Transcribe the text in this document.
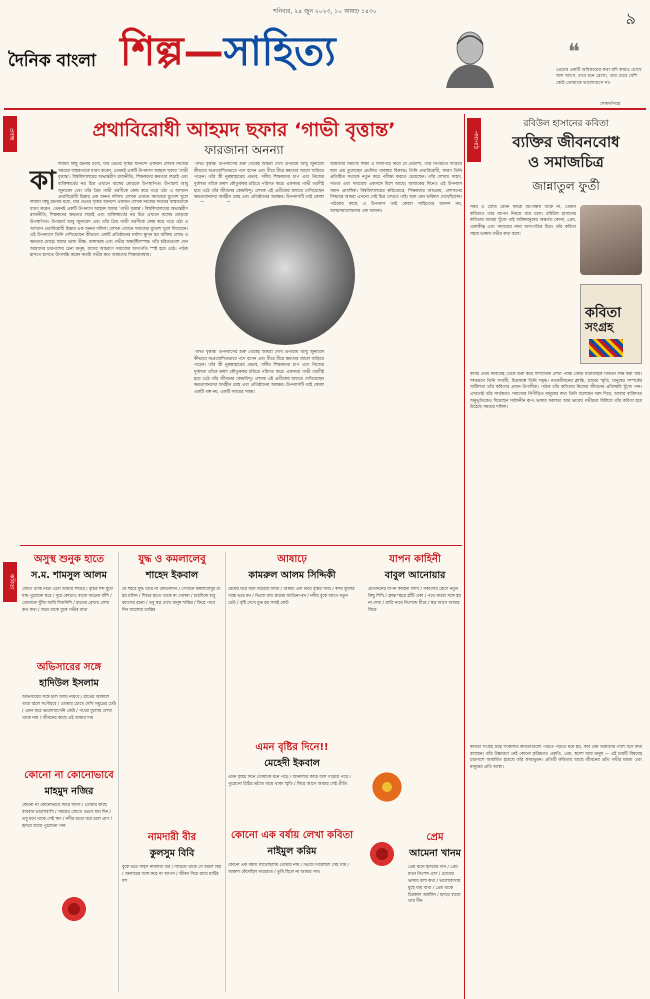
শনিবার, ২৪ জুন ২০২৩, ১০ আষাঢ় ১৪৩০	৯
দৈনিক বাংলা শিল্প—সাহিত্য	❝
প্রেমের একটি অধিকারের কথা যদি কারও চোখে জল আসে, তবে মনে রেখো, তার চেয়ে বেশি কেউ তোমাকে ভালোবাসে না।
শেকসপিয়র
প্রবন্ধ	প্রথাবিরোধী আহমদ ছফার ‘গাভী বৃত্তান্ত’
ফারজানা অনন্যা
কা
লজয়ী কিছু রচনার মধ্যে, যার ভেতর সৃষ্টির আনন্দে একজন লেখক নিজের সময়ের বাস্তবতাকে ধারণ করেন, তেমনই একটি উপন্যাস আহমদ ছফার ‘গাভী বৃত্তান্ত’। বিশ্ববিদ্যালয়ের অভ্যন্তরীণ রাজনীতি, শিক্ষকদের ক্ষমতার লড়াই এবং ব্যক্তিস্বার্থের নগ্ন চিত্র এখানে ব্যঙ্গের মোড়কে উপস্থাপিত। উপাচার্য আবু জুনায়েদ এবং তাঁর প্রিয় গাভী তরণীকে কেন্দ্র করে গড়ে ওঠা এ আখ্যান প্রথাবিরোধী চিন্তার এক অনন্য দলিল। লেখক এখানে সমাজের মুখোশ খুলে
লজয়ী কিছু রচনার মধ্যে, যার ভেতর সৃষ্টির আনন্দে একজন লেখক নিজের সময়ের বাস্তবতাকে ধারণ করেন, তেমনই একটি উপন্যাস আহমদ ছফার ‘গাভী বৃত্তান্ত’। বিশ্ববিদ্যালয়ের অভ্যন্তরীণ রাজনীতি, শিক্ষকদের ক্ষমতার লড়াই এবং ব্যক্তিস্বার্থের নগ্ন চিত্র এখানে ব্যঙ্গের মোড়কে উপস্থাপিত। উপাচার্য আবু জুনায়েদ এবং তাঁর প্রিয় গাভী তরণীকে কেন্দ্র করে গড়ে ওঠা এ আখ্যান প্রথাবিরোধী চিন্তার এক অনন্য দলিল। লেখক এখানে সমাজের মুখোশ খুলে দিয়েছেন। এই উপন্যাসে তিনি দেখিয়েছেন কীভাবে একটি প্রতিষ্ঠানের মর্যাদা ক্ষুণ্ন হয় ব্যক্তির লোভ ও ক্ষমতার মোহে। ছফার ভাষা তীক্ষ্ণ, ব্যঙ্গাত্মক এবং গভীর অন্তর্দৃষ্টিসম্পন্ন। তাঁর চরিত্রগুলো যেন আমাদের চারপাশের চেনা মানুষ, যাদের আচরণে সমাজের অসংগতি স্পষ্ট হয়ে ওঠে। পাঠক হাসতে হাসতে উপলব্ধি করেন কতটা গভীর ক্ষত আমাদের শিক্ষাব্যবস্থায়।
‘গাভী বৃত্তান্ত’ উপন্যাসের শুরু থেকেই আমরা দেখি উপাচার্য আবু জুনায়েদ কীভাবে অপ্রত্যাশিতভাবে পদে বসেন এবং ধীরে ধীরে ক্ষমতার জালে জড়িয়ে পড়েন। তাঁর স্ত্রী নুরুন্নাহারের প্রভাব, দলীয় শিক্ষকদের চাপ এবং নিজের দুর্বলতা তাঁকে ক্রমশ কৌতুককর চরিত্রে পরিণত করে। একসময় গাভী তরণীই হয়ে ওঠে তাঁর জীবনের কেন্দ্রবিন্দু। লেখক এই প্রতীকের মাধ্যমে দেখিয়েছেন ক্ষমতাবানদের অর্থহীন মোহ এবং প্রতিষ্ঠানের অবক্ষয়। উপন্যাসটি তাই কেবল
‘গাভী বৃত্তান্ত’ উপন্যাসের শুরু থেকেই আমরা দেখি উপাচার্য আবু জুনায়েদ কীভাবে অপ্রত্যাশিতভাবে পদে বসেন এবং ধীরে ধীরে ক্ষমতার জালে জড়িয়ে পড়েন। তাঁর স্ত্রী নুরুন্নাহারের প্রভাব, দলীয় শিক্ষকদের চাপ এবং নিজের দুর্বলতা তাঁকে ক্রমশ কৌতুককর চরিত্রে পরিণত করে। একসময় গাভী তরণীই হয়ে ওঠে তাঁর জীবনের কেন্দ্রবিন্দু। লেখক এই প্রতীকের মাধ্যমে দেখিয়েছেন ক্ষমতাবানদের অর্থহীন মোহ এবং প্রতিষ্ঠানের অবক্ষয়। উপন্যাসটি তাই কেবল একটি গল্প নয়, একটি সময়ের সাক্ষ্য।
আমাদের সমাজে শিক্ষা ও বিদ্যাপীঠ নিয়ে যে প্রত্যাশা, তার বিপরীতে দাঁড়িয়ে ছফা প্রশ্ন তুলেছেন প্রচলিত ব্যবস্থার বিরুদ্ধে। তিনি প্রথাবিরোধী, কারণ তিনি প্রতিষ্ঠিত সত্যকে নতুন করে পরীক্ষা করতে চেয়েছেন। তাঁর লেখায় সাহস, সততা এবং দায়বোধ একসঙ্গে মিশে আছে। আজকের দিনেও এই উপন্যাস সমান প্রাসঙ্গিক। বিশ্ববিদ্যালয়ের করিডোরে, শিক্ষকদের আড্ডায়, প্রশাসনের সিদ্ধান্তে আমরা এখনো সেই চিত্র দেখতে পাই। ছফা যেন ভবিষ্যৎ দেখেছিলেন। পাঠকের কাছে এ উপন্যাস তাই কেবল সাহিত্যের আনন্দ নয়, আত্মসমালোচনার এক আয়না।
পদ্যপাঠ
রবিউল হাসানের কবিতা
ব্যক্তির জীবনবোধ
ও সমাজচিত্র
জান্নাতুল ফুর্তী
সময় ও স্রোত যেমন কারো অপেক্ষায় থাকে না, তেমনি কবিতাও তার আপন নিয়মে বয়ে চলে। রবিউল হাসানের কবিতায় আমরা খুঁজে পাই ব্যক্তিমানুষের অন্তর্গত বেদনা, প্রেম, একাকীত্ব এবং সমাজের নানা অসংগতির চিত্র। তাঁর কবিতা সহজ ভাষায় গভীর কথা বলে।
কবিতা
সংগ্রহ
কবির প্রথম কাব্যগ্রন্থ থেকে শুরু করে সাম্প্রতিক লেখা পর্যন্ত একটি ধারাবাহিক বিবর্তন লক্ষ করা যায়। শব্দচয়নে তিনি সংযমী, চিত্রকল্পে তিনি সমৃদ্ধ। নগরজীবনের ক্লান্তি, গ্রামের স্মৃতি, মানুষের সম্পর্কের জটিলতা তাঁর কবিতার প্রধান উপজীব্য। পাঠক তাঁর কবিতায় নিজের জীবনের প্রতিচ্ছবি খুঁজে পান। এখানেই তাঁর সার্থকতা। সমাজের নিপীড়িত মানুষের কথা তিনি বলেছেন দরদ দিয়ে, আবার ব্যক্তিগত অনুভূতিকেও দিয়েছেন সর্বজনীন রূপ। ভাষার সরলতা আর ভাবের গভীরতা মিলিয়ে তাঁর কবিতা হয়ে উঠেছে সময়ের দলিল।
কবিতা সংগ্রহ গ্রন্থে সংকলিত কবিতাগুলো পড়তে পড়তে মনে হয়, কবি যেন আমাদের পাশে বসে কথা বলছেন। তাঁর উচ্চারণে নেই কোনো কৃত্রিমতা। প্রকৃতি, প্রেম, স্বদেশ আর মানুষ — এই চারটি বিষয়ের চারপাশে আবর্তিত হয়েছে তাঁর কাব্যভুবন। প্রতিটি কবিতায় আছে জীবনের প্রতি গভীর মমতা এবং মানুষের প্রতি আস্থা।
কবিতা
অসুস্থ শুনুক হাতে
স.ম. শামসুল আলম
জেগে থাকি নিদ্রা এলে আমার শিয়রে / বৃষ্টির শব্দ ছুঁয়ে যায় পুরোনো ঘরে / দূরে কোথাও বাজে অচেনা বাঁশি / তোমাকে খুঁজি আমি দিবানিশি / হাতের রেখায় লেখা কত কথা / জমে থাকে বুকে গভীর ব্যথা
অভিসারের সঙ্গে
হাদিউল ইসলাম
অভিসারের সঙ্গে চলি আমি নীরবে / রাতের আকাশে তারা জ্বলে সগৌরবে / তোমার চোখে দেখি সমুদ্রের ঢেউ / এমন করে ভালোবাসেনি কেউ / পথের ধুলোয় লেখা থাকে নাম / জীবনের কাছে এই আমার দাম
কোনো না কোনোভাবে
মাহমুদ নজির
কোনো না কোনোভাবে ফিরে আসি / তোমার কাছে বারবার ভালোবাসি / সময়ের স্রোতে ভেসে যায় দিন / তবু মনে থাকে সেই ঋণ / নদীর মতো বয়ে চলে প্রাণ / হৃদয়ে বাজে পুরোনো গান
যুদ্ধ ও কমলালেবু
শাহেদ ইকবাল
যে শহরে যুদ্ধ থামে না কোনোদিন / সেখানে কমলালেবুর রং হয় মলিন / শিশুর হাতে থাকে না খেলনা / চারদিকে শুধু ধ্বংসের রচনা / তবু স্বপ্ন দেখে মানুষ শান্তির / ফিরে পাবে দিন আলোর ভ্রান্তির
নামদারী বীর
কুলসুম বিবি
বুকে ভরে সাহস নামদারী বীর / দাঁড়িয়ে থাকে সে অটল স্থির / অন্যায়ের সঙ্গে করে না আপস / জীবন দিয়ে রাখে মাটির যশ
আষাঢ়ে
কামরুল আলম সিদ্দিকী
মেঘের ঘরে জল জমেছে আজ / আষাঢ় এল নিয়ে বৃষ্টির সাজ / কদম ফুলের গন্ধে ভরে মন / ভিজে যায় গ্রামের আঙিনা-বন / নদীর বুকে জাগে নতুন ঢেউ / বৃষ্টি দেখে মুগ্ধ হয় সবাই কেউ
এমন বৃষ্টির দিনে!!
মেহেদী ইকবাল
এমন বৃষ্টির দিনে তোমাকে মনে পড়ে / জানালার কাচে জল গড়িয়ে পড়ে / পুরোনো চিঠির ভাঁজে জমে থাকা স্মৃতি / ফিরে আসে আবার সেই প্রীতি
কোনো এক বর্ষায় লেখা কবিতা
নাইমুল করিম
কোনো এক বর্ষায় লিখেছিলাম তোমার নাম / ভিজে গিয়েছিল সেই খাম / আকাশ কেঁদেছিল সারারাত / তুমি ছিলে না আমার সাথ
যাপন কাহিনী
বাবুল আনোয়ার
প্রতিদিনের যাপন কাহিনী লিখি / সকালের রোদে নতুন কিছু শিখি / ক্লান্ত শহরে হাঁটি একা / পথে কারো সঙ্গে হয় না দেখা / রাত্রি নামে নিঃশব্দে ধীরে / স্বপ্ন আসে আবার ফিরে
প্রেম
আমেনা খানম
প্রেম মানে হৃদয়ের গান / প্রেম মানে নিঃশব্দ প্রাণ / চোখের ভাষায় বলা কথা / ভালোবাসায় মুছে যায় ব্যথা / প্রেম থাকে চিরকাল অমলিন / হৃদয়ে বাজে তার বীন
